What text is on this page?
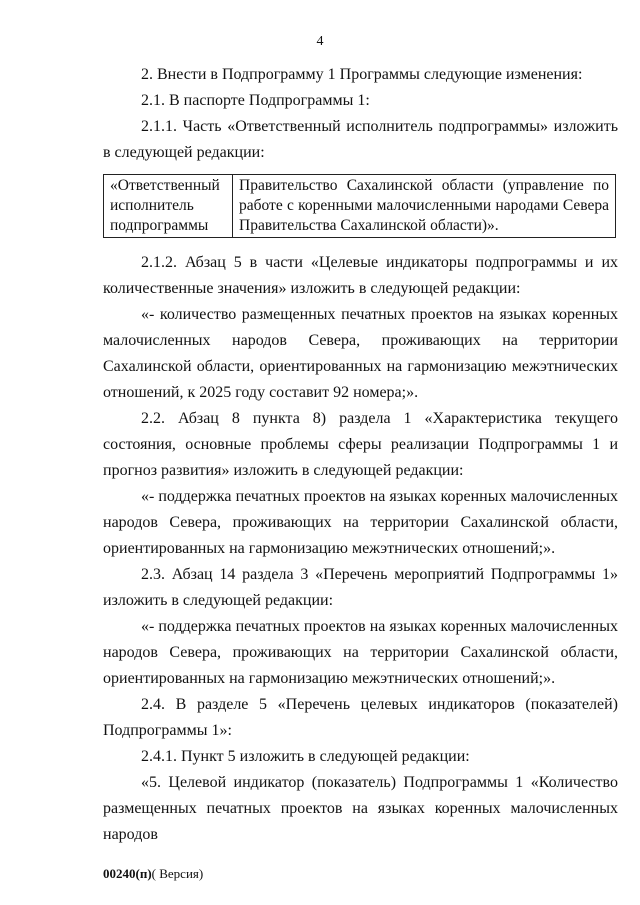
4

2. Внести в Подпрограмму 1 Программы следующие изменения:

2.1. В паспорте Подпрограммы 1:

2.1.1. Часть «Ответственный исполнитель подпрограммы» изложить в следующей редакции:

«Ответственный исполнитель подпрограммы	Правительство Сахалинской области (управление по работе с коренными малочисленными народами Севера Правительства Сахалинской области)».

2.1.2. Абзац 5 в части «Целевые индикаторы подпрограммы и их количественные значения» изложить в следующей редакции:

«- количество размещенных печатных проектов на языках коренных малочисленных народов Севера, проживающих на территории Сахалинской области, ориентированных на гармонизацию межэтнических отношений, к 2025 году составит 92 номера;».

2.2. Абзац 8 пункта 8) раздела 1 «Характеристика текущего состояния, основные проблемы сферы реализации Подпрограммы 1 и прогноз развития» изложить в следующей редакции:

«- поддержка печатных проектов на языках коренных малочисленных народов Севера, проживающих на территории Сахалинской области, ориентированных на гармонизацию межэтнических отношений;».

2.3. Абзац 14 раздела 3 «Перечень мероприятий Подпрограммы 1» изложить в следующей редакции:

«- поддержка печатных проектов на языках коренных малочисленных народов Севера, проживающих на территории Сахалинской области, ориентированных на гармонизацию межэтнических отношений;».

2.4. В разделе 5 «Перечень целевых индикаторов (показателей) Подпрограммы 1»:

2.4.1. Пункт 5 изложить в следующей редакции:

«5. Целевой индикатор (показатель) Подпрограммы 1 «Количество размещенных печатных проектов на языках коренных малочисленных народов

00240(п)( Версия)
